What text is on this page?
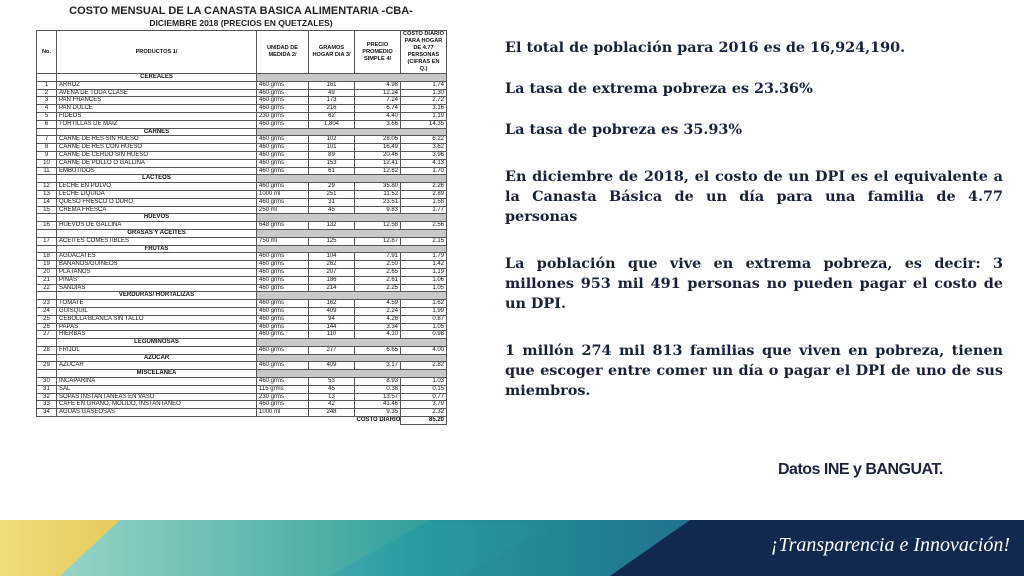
COSTO MENSUAL DE LA CANASTA BASICA ALIMENTARIA -CBA-
DICIEMBRE 2018 (PRECIOS EN QUETZALES)
No.	PRODUCTOS 1/	UNIDAD DE MEDIDA 2/	GRAMOS HOGAR DIA 3/	PRECIO PROMEDIO SIMPLE 4/	COSTO DIARIO PARA HOGAR DE 4.77 PERSONAS (CIFRAS EN Q.)
	CEREALES				
1	ARROZ	460 grms	161	4.98	1.74
2	AVENA DE TODA CLASE	460 grms	49	12.24	1.30
3	PAN FRANCÉS	460 grms	173	7.24	2.72
4	PAN DULCE	460 grms	216	6.74	3.16
5	FIDEOS	230 grms	62	4.40	1.19
6	TORTILLAS DE MAIZ	460 grms	1,804	3.66	14.35
	CARNES				
7	CARNE DE RES SIN HUESO	460 grms	102	28.05	6.22
8	CARNE DE RES CON HUESO	460 grms	101	16.49	3.62
9	CARNE DE CERDO SIN HUESO	460 grms	89	20.46	3.96
10	CARNE DE POLLO O GALLINA	460 grms	153	12.41	4.13
11	EMBUTIDOS	460 grms	61	12.82	1.70
	LÁCTEOS				
12	LECHE EN POLVO	460 grms	29	35.80	2.26
13	LECHE LIQUIDA	1000 ml	251	11.52	2.89
14	QUESO FRESCO O DURO	460 grms	31	23.51	1.58
15	CREMA FRESCA	250 ml	45	9.83	1.77
	HUEVOS				
16	HUEVOS DE GALLINA	648 grms	132	12.58	2.56
	GRASAS Y ACEITES				
17	ACEITES COMESTIBLES	750 ml	125	12.87	2.15
	FRUTAS				
18	AGUACATES	460 grms	104	7.91	1.79
19	BANANOS/GUINEOS	460 grms	262	2.50	1.42
20	PLÁTANOS	460 grms	207	2.65	1.19
21	PIÑAS	460 grms	186	2.61	1.06
22	SANDIAS	460 grms	214	2.25	1.05
	VERDURAS/ HORTALIZAS				
23	TOMATE	460 grms	162	4.59	1.62
24	GÜISQUIL	460 grms	409	2.24	1.99
25	CEBOLLA BLANCA SIN TALLO	460 grms	94	4.26	0.87
26	PAPAS	460 grms	144	3.34	1.05
27	HIERBAS	460 grms	110	4.10	0.98
	LEGUMINOSAS				
28	FRIJOL	460 grms	277	6.65	4.00
	AZÚCAR				
29	AZÚCAR	460 grms	409	3.17	2.82
	MISCELÁNEA				
30	INCAPARINA	460 grms	53	8.93	1.03
31	SAL	115 grms	45	0.38	0.15
32	SOPAS INSTANTÁNEAS EN VASO	230 grms	13	13.57	0.77
33	CAFÉ EN GRANO, MOLIDO, INSTANTANEO	460 grms	42	41.46	3.79
34	AGUAS GASEOSAS	1000 ml	248	9.35	2.32
				COSTO DIARIO	85.20

El total de población para 2016 es de 16,924,190.

La tasa de extrema pobreza es 23.36%

La tasa de pobreza es 35.93%

En diciembre de 2018, el costo de un DPI es el equivalente a la Canasta Básica de un día para una familia de 4.77 personas

La población que vive en extrema pobreza, es decir: 3 millones 953 mil 491 personas no pueden pagar el costo de un DPI.

1 millón 274 mil 813 familias que viven en pobreza, tienen que escoger entre comer un día o pagar el DPI de uno de sus miembros.

Datos INE y BANGUAT.
¡Transparencia e Innovación!
